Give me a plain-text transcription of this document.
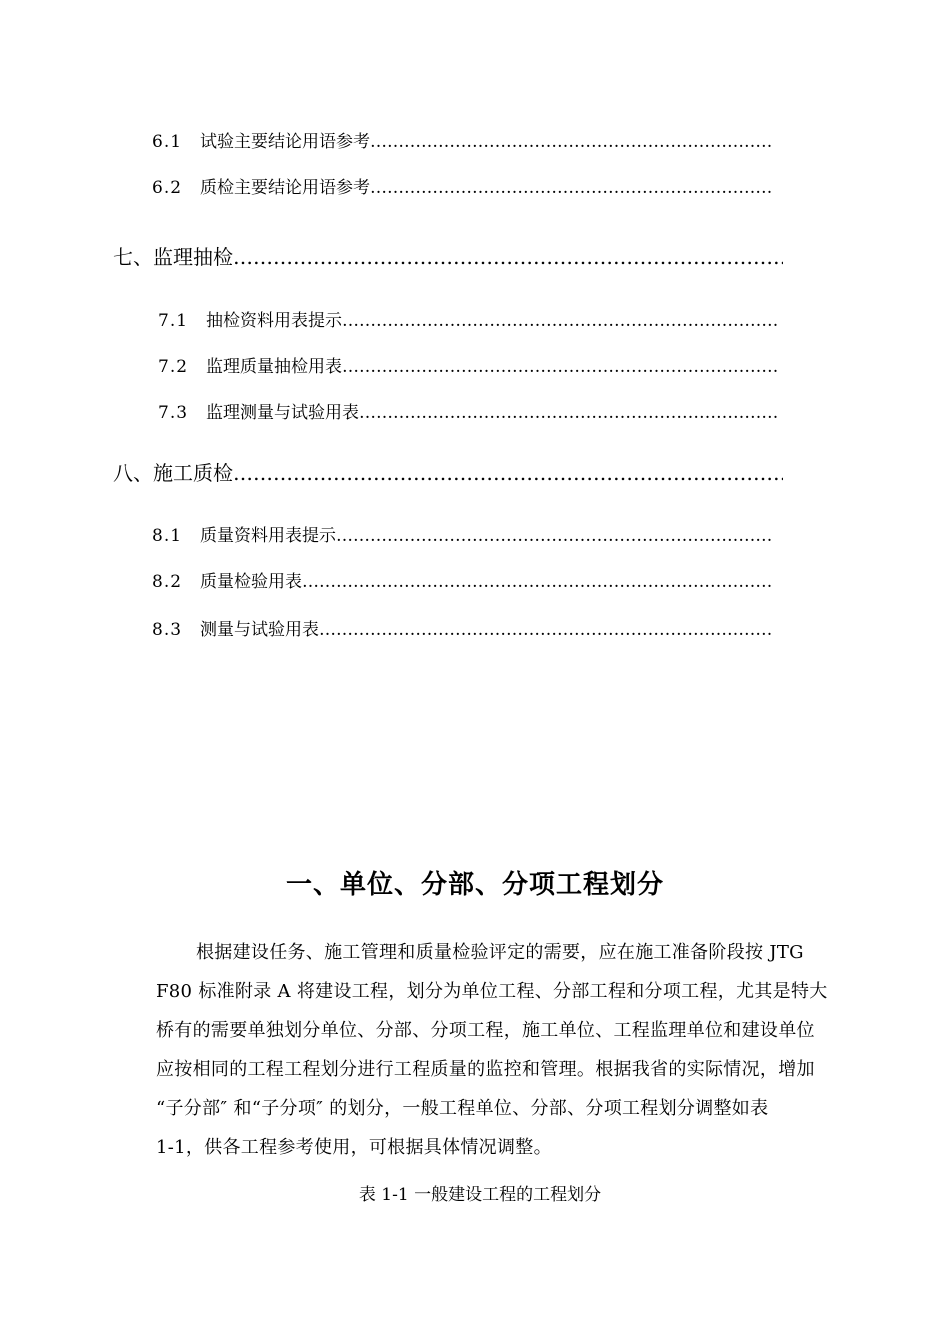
6.1	试验主要结论用语参考
……………………………………………………………………………………………………………………………………………………………………………………
6.2	质检主要结论用语参考
……………………………………………………………………………………………………………………………………………………………………………………
七、监理抽检
……………………………………………………………………………………………………………………………………………………………………………………
7.1	抽检资料用表提示
……………………………………………………………………………………………………………………………………………………………………………………
7.2	监理质量抽检用表
……………………………………………………………………………………………………………………………………………………………………………………
7.3	监理测量与试验用表
……………………………………………………………………………………………………………………………………………………………………………………
八、施工质检
……………………………………………………………………………………………………………………………………………………………………………………
8.1	质量资料用表提示
……………………………………………………………………………………………………………………………………………………………………………………
8.2	质量检验用表
……………………………………………………………………………………………………………………………………………………………………………………
8.3	测量与试验用表
……………………………………………………………………………………………………………………………………………………………………………………
一、单位、分部、分项工程划分
根据建设任务、施工管理和质量检验评定的需要，应在施工准备阶段按 JTG
F80 标准附录 A 将建设工程，划分为单位工程、分部工程和分项工程，尤其是特大
桥有的需要单独划分单位、分部、分项工程，施工单位、工程监理单位和建设单位
应按相同的工程工程划分进行工程质量的监控和管理。根据我省的实际情况，增加
“子分部″ 和“子分项″ 的划分，一般工程单位、分部、分项工程划分调整如表
1-1，供各工程参考使用，可根据具体情况调整。

表 1-1 一般建设工程的工程划分
